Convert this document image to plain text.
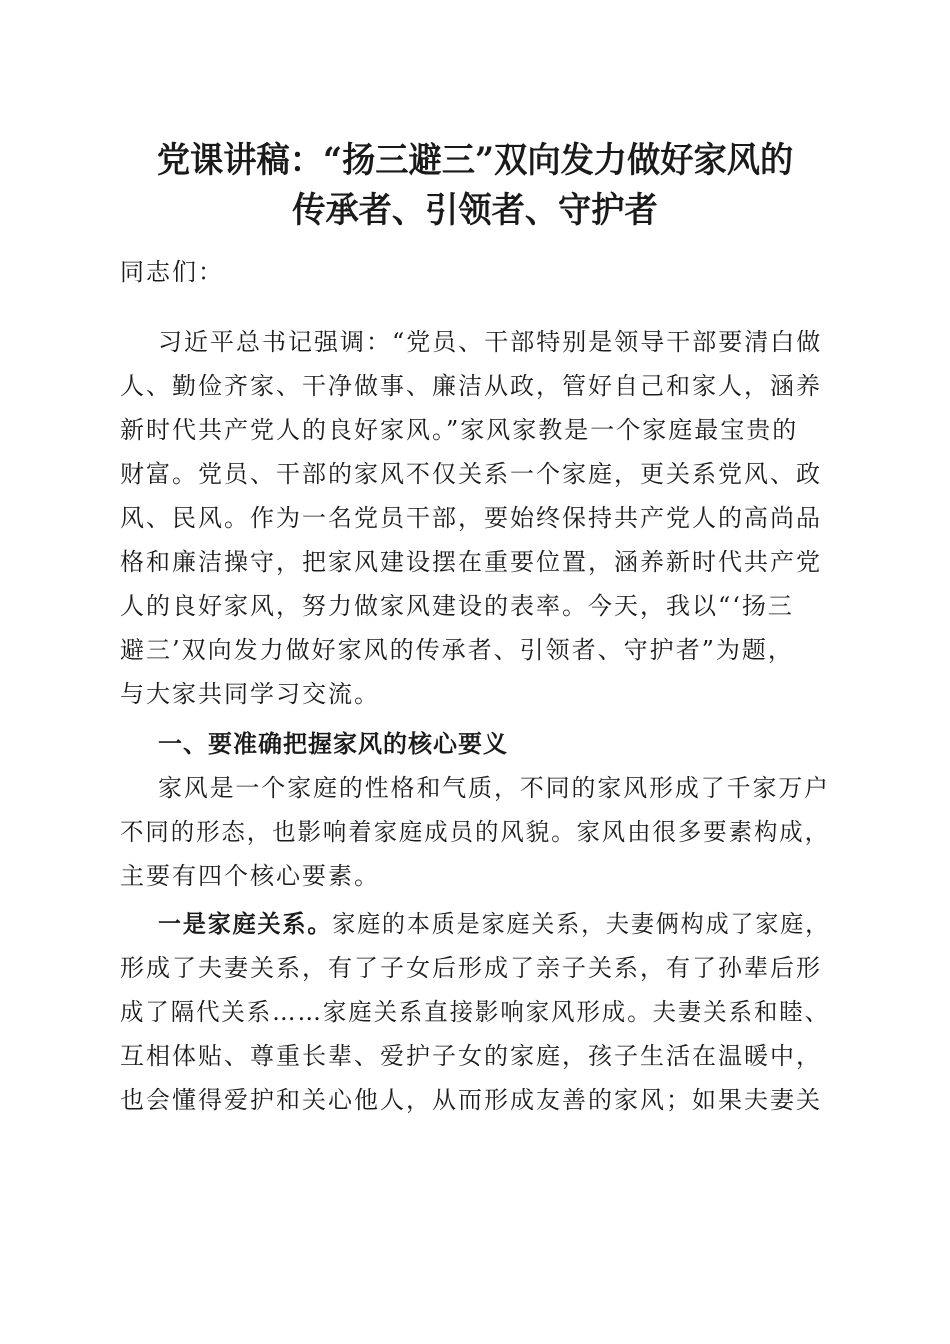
党课讲稿：“扬三避三”双向发力做好家风的
传承者、引领者、守护者

同志们：

习近平总书记强调：“党员、干部特别是领导干部要清白做

人、勤俭齐家、干净做事、廉洁从政，管好自己和家人，涵养

新时代共产党人的良好家风。”家风家教是一个家庭最宝贵的

财富。党员、干部的家风不仅关系一个家庭，更关系党风、政

风、民风。作为一名党员干部，要始终保持共产党人的高尚品

格和廉洁操守，把家风建设摆在重要位置，涵养新时代共产党

人的良好家风，努力做家风建设的表率。今天，我以“‘扬三

避三’双向发力做好家风的传承者、引领者、守护者”为题，

与大家共同学习交流。

一、要准确把握家风的核心要义

家风是一个家庭的性格和气质，不同的家风形成了千家万户

不同的形态，也影响着家庭成员的风貌。家风由很多要素构成，

主要有四个核心要素。

一是家庭关系。家庭的本质是家庭关系，夫妻俩构成了家庭，

形成了夫妻关系，有了子女后形成了亲子关系，有了孙辈后形

成了隔代关系……家庭关系直接影响家风形成。夫妻关系和睦、

互相体贴、尊重长辈、爱护子女的家庭，孩子生活在温暖中，

也会懂得爱护和关心他人，从而形成友善的家风；如果夫妻关
